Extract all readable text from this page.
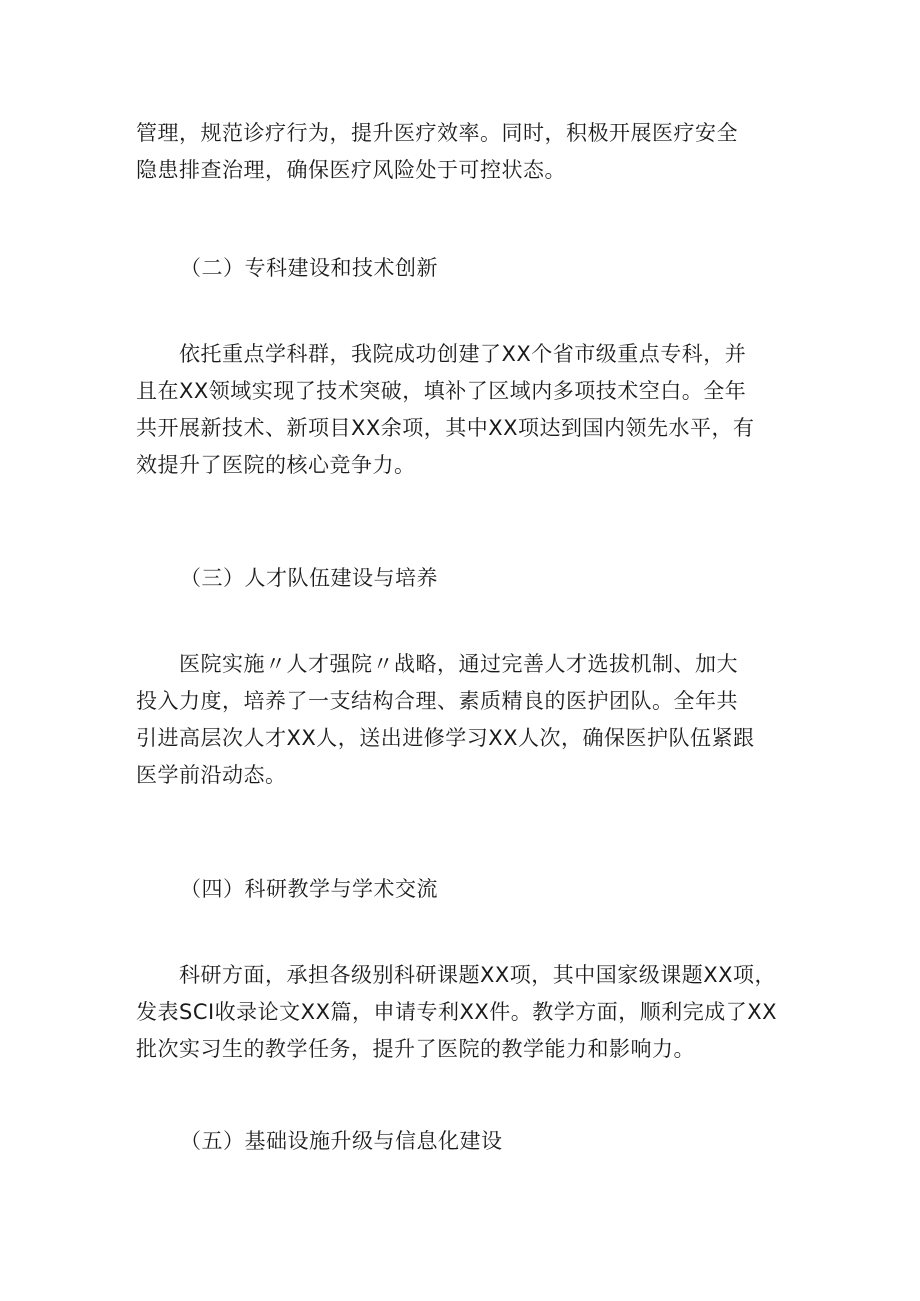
管理，规范诊疗行为，提升医疗效率。同时，积极开展医疗安全
隐患排查治理，确保医疗风险处于可控状态。
（二）专科建设和技术创新
　　依托重点学科群，我院成功创建了XX个省市级重点专科，并
且在XX领域实现了技术突破，填补了区域内多项技术空白。全年
共开展新技术、新项目XX余项，其中XX项达到国内领先水平，有
效提升了医院的核心竞争力。
（三）人才队伍建设与培养
　　医院实施〃人才强院〃战略，通过完善人才选拔机制、加大
投入力度，培养了一支结构合理、素质精良的医护团队。全年共
引进高层次人才XX人，送出进修学习XX人次，确保医护队伍紧跟
医学前沿动态。
（四）科研教学与学术交流
　　科研方面，承担各级别科研课题XX项，其中国家级课题XX项，
发表SCI收录论文XX篇，申请专利XX件。教学方面，顺利完成了XX
批次实习生的教学任务，提升了医院的教学能力和影响力。
（五）基础设施升级与信息化建设
